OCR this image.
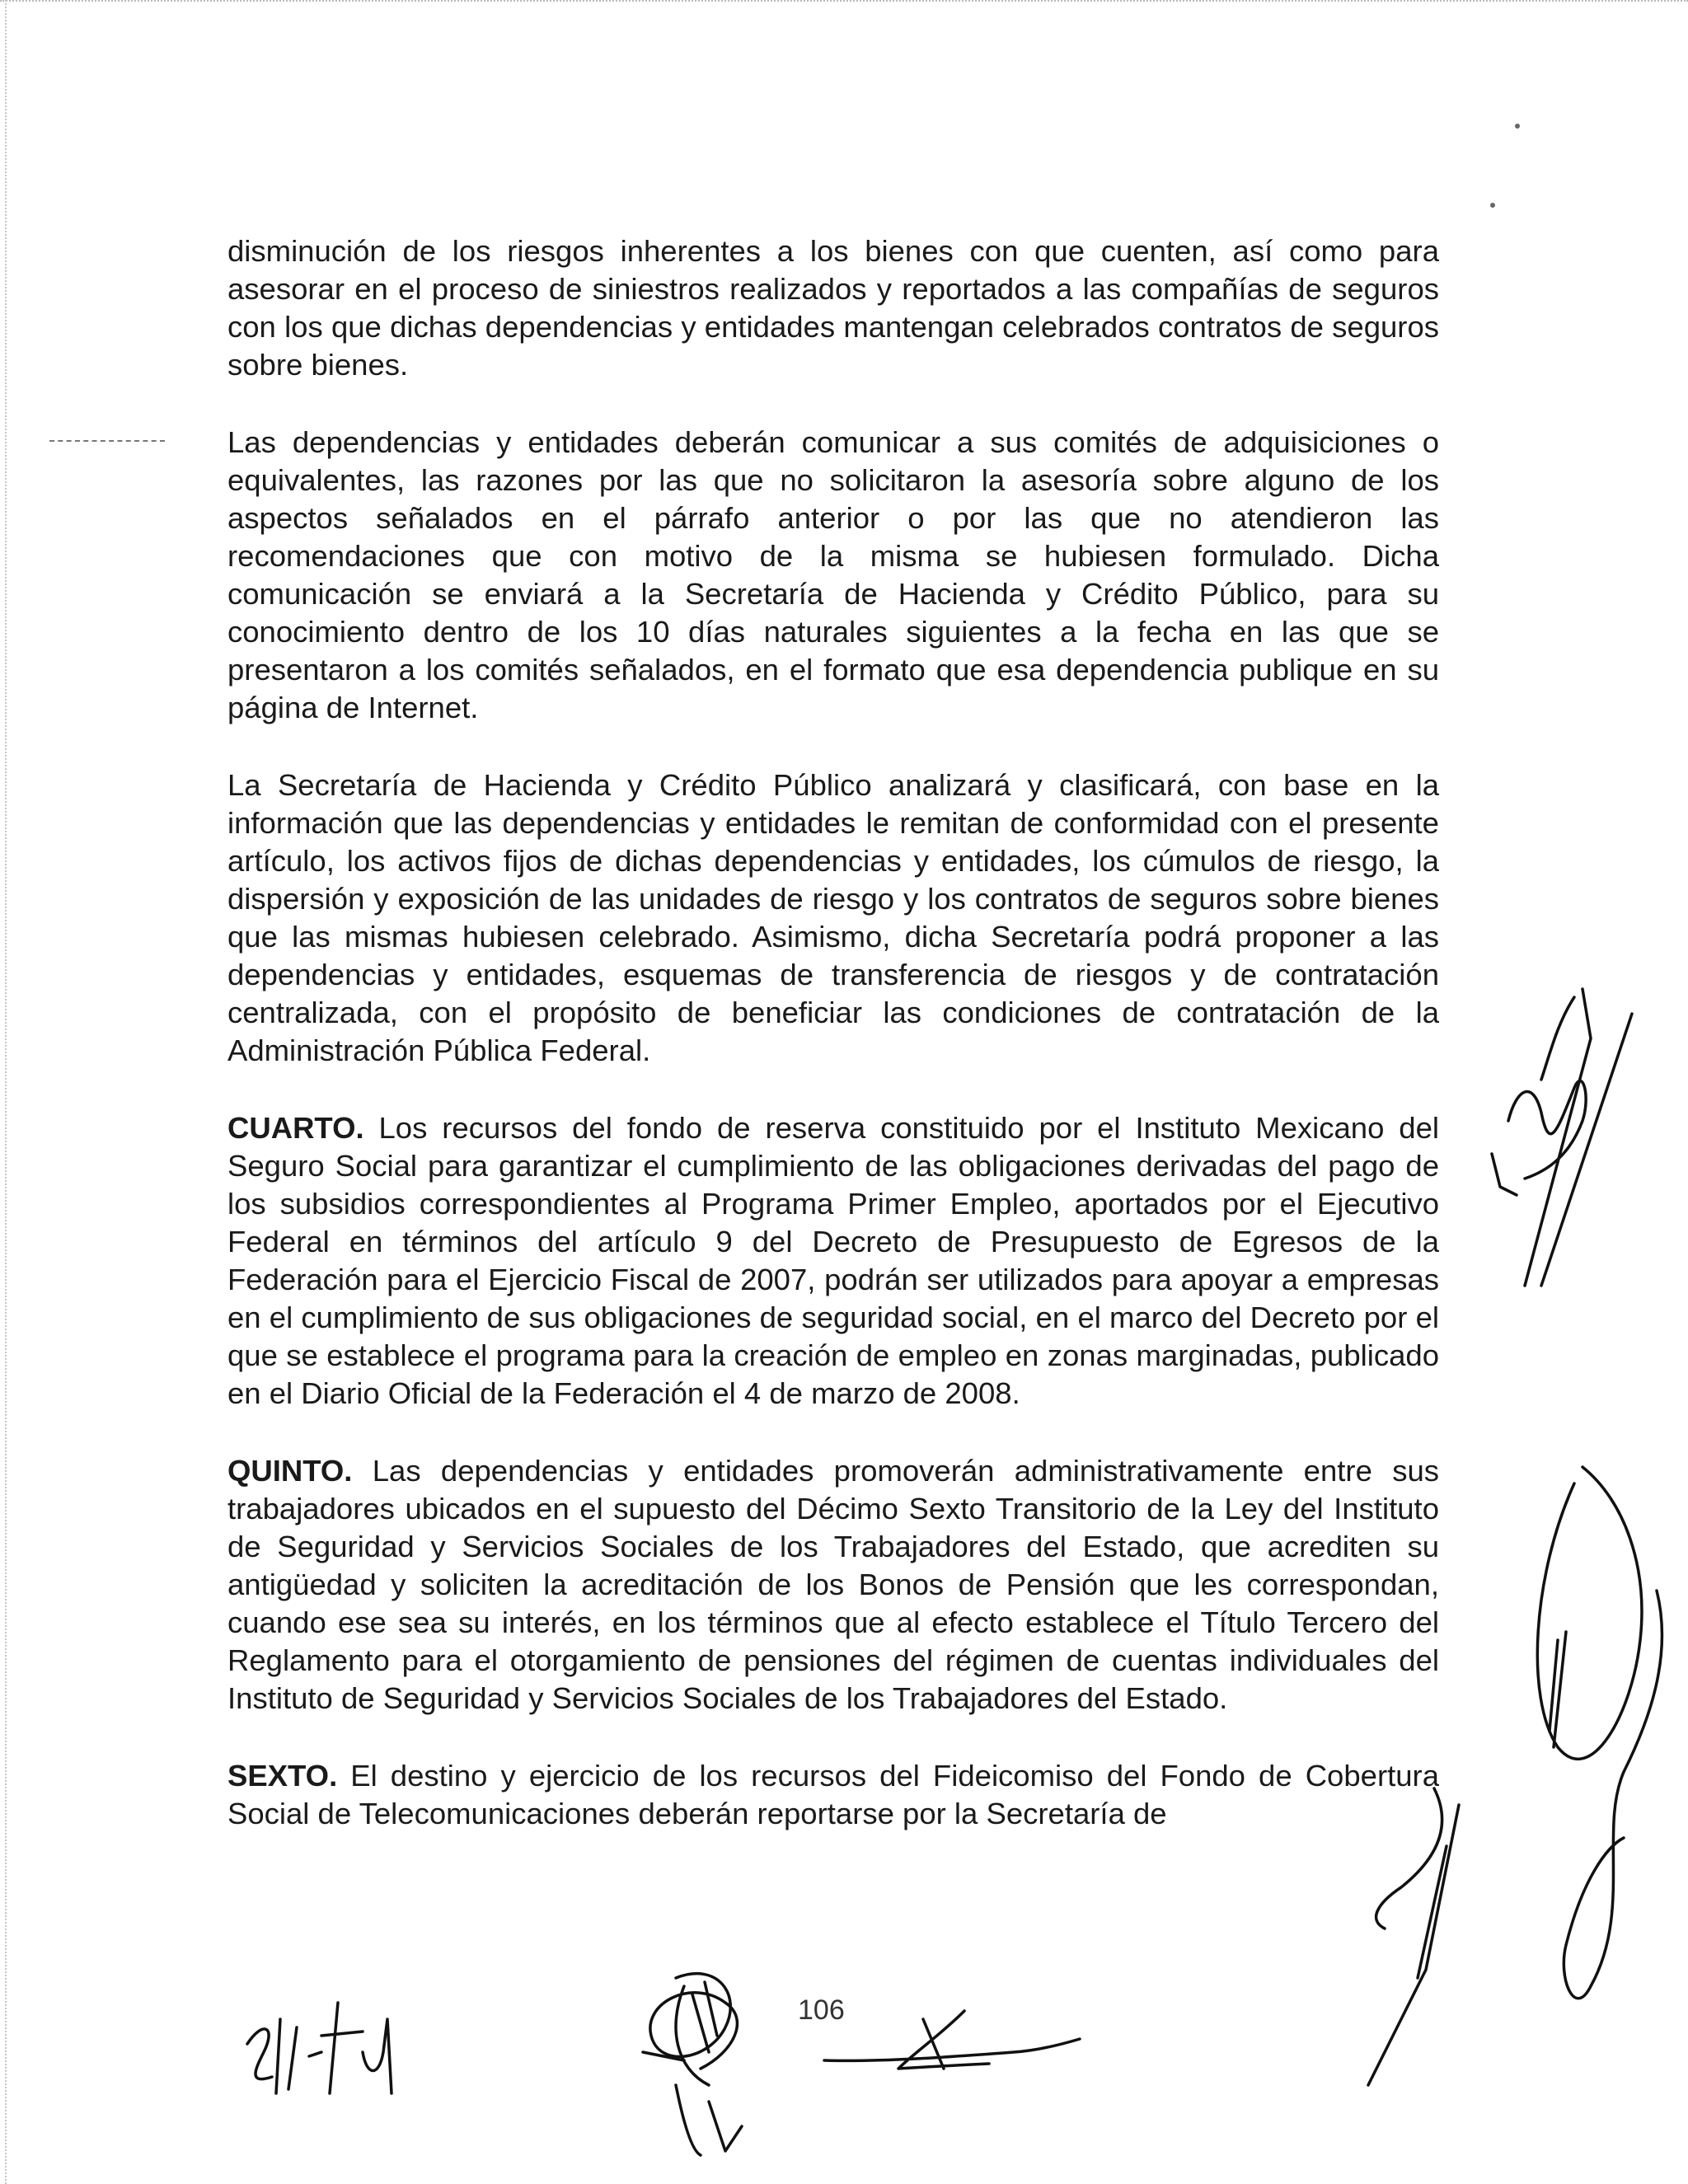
disminución de los riesgos inherentes a los bienes con que cuenten, así como para asesorar en el proceso de siniestros realizados y reportados a las compañías de seguros con los que dichas dependencias y entidades mantengan celebrados contratos de seguros sobre bienes.

Las dependencias y entidades deberán comunicar a sus comités de adquisiciones o equivalentes, las razones por las que no solicitaron la asesoría sobre alguno de los aspectos señalados en el párrafo anterior o por las que no atendieron las recomendaciones que con motivo de la misma se hubiesen formulado. Dicha comunicación se enviará a la Secretaría de Hacienda y Crédito Público, para su conocimiento dentro de los 10 días naturales siguientes a la fecha en las que se presentaron a los comités señalados, en el formato que esa dependencia publique en su página de Internet.

La Secretaría de Hacienda y Crédito Público analizará y clasificará, con base en la información que las dependencias y entidades le remitan de conformidad con el presente artículo, los activos fijos de dichas dependencias y entidades, los cúmulos de riesgo, la dispersión y exposición de las unidades de riesgo y los contratos de seguros sobre bienes que las mismas hubiesen celebrado. Asimismo, dicha Secretaría podrá proponer a las dependencias y entidades, esquemas de transferencia de riesgos y de contratación centralizada, con el propósito de beneficiar las condiciones de contratación de la Administración Pública Federal.

CUARTO. Los recursos del fondo de reserva constituido por el Instituto Mexicano del Seguro Social para garantizar el cumplimiento de las obligaciones derivadas del pago de los subsidios correspondientes al Programa Primer Empleo, aportados por el Ejecutivo Federal en términos del artículo 9 del Decreto de Presupuesto de Egresos de la Federación para el Ejercicio Fiscal de 2007, podrán ser utilizados para apoyar a empresas en el cumplimiento de sus obligaciones de seguridad social, en el marco del Decreto por el que se establece el programa para la creación de empleo en zonas marginadas, publicado en el Diario Oficial de la Federación el 4 de marzo de 2008.

QUINTO. Las dependencias y entidades promoverán administrativamente entre sus trabajadores ubicados en el supuesto del Décimo Sexto Transitorio de la Ley del Instituto de Seguridad y Servicios Sociales de los Trabajadores del Estado, que acrediten su antigüedad y soliciten la acreditación de los Bonos de Pensión que les correspondan, cuando ese sea su interés, en los términos que al efecto establece el Título Tercero del Reglamento para el otorgamiento de pensiones del régimen de cuentas individuales del Instituto de Seguridad y Servicios Sociales de los Trabajadores del Estado.

SEXTO. El destino y ejercicio de los recursos del Fideicomiso del Fondo de Cobertura Social de Telecomunicaciones deberán reportarse por la Secretaría de

106
